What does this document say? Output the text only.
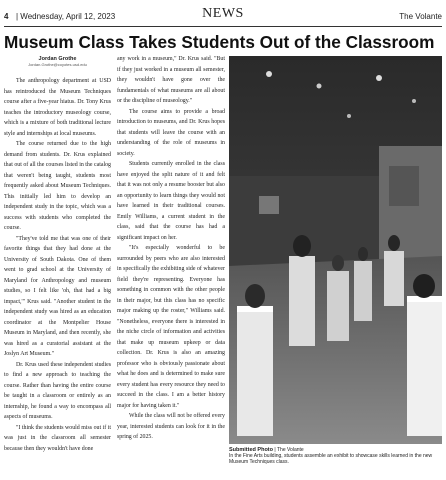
4 | Wednesday, April 12, 2023	NEWS	The Volante
Museum Class Takes Students Out of the Classroom
Jordan Grothe
Jordan.Grothe@coyotes.usd.edu

The anthropology department at USD has reintroduced the Museum Techniques course after a five-year hiatus. Dr. Tony Krus teaches the introductory museology course, which is a mixture of both traditional lecture style and internships at local museums.

The course returned due to the high demand from students. Dr. Krus explained that out of all the courses listed in the catalog that weren't being taught, students most frequently asked about Museum Techniques. This initially led him to develop an independent study in the topic, which was a success with students who completed the course.

"They've told me that was one of their favorite things that they had done at the University of South Dakota. One of them went to grad school at the University of Maryland for Anthropology and museum studies, so I felt like 'oh, that had a big impact,'" Krus said. "Another student in the independent study was hired as an education coordinator at the Montpelier House Museum in Maryland, and then recently, she was hired as a curatorial assistant at the Joslyn Art Museum."

Dr. Krus used these independent studies to find a new approach to teaching the course. Rather than having the entire course be taught in a classroom or entirely as an internship, he found a way to encompass all aspects of museums.

"I think the students would miss out if it was just in the classroom all semester because then they wouldn't have done

any work in a museum," Dr. Krus said. "But if they just worked in a museum all semester, they wouldn't have gone over the fundamentals of what museums are all about or the discipline of museology."

The course aims to provide a broad introduction to museums, and Dr. Krus hopes that students will leave the course with an understanding of the role of museums in society.

Students currently enrolled in the class have enjoyed the split nature of it and felt that it was not only a resume booster but also an opportunity to learn things they would not have learned in their traditional courses. Emily Williams, a current student in the class, said that the course has had a significant impact on her.

"It's especially wonderful to be surrounded by peers who are also interested in specifically the exhibiting side of whatever field they're representing. Everyone has something in common with the other people in their major, but this class has no specific major making up the roster," Williams said. "Nonetheless, everyone there is interested in the niche circle of information and activities that make up museum upkeep or data collection. Dr. Krus is also an amazing professor who is obviously passionate about what he does and is determined to make sure every student has every resource they need to succeed in the class. I am a better history major for having taken it."

While the class will not be offered every year, interested students can look for it in the spring of 2025.

Submitted Photo | The Volante
In the Fine Arts building, students assemble an exhibit to showcase skills learned in the new Museum Techniques class.
